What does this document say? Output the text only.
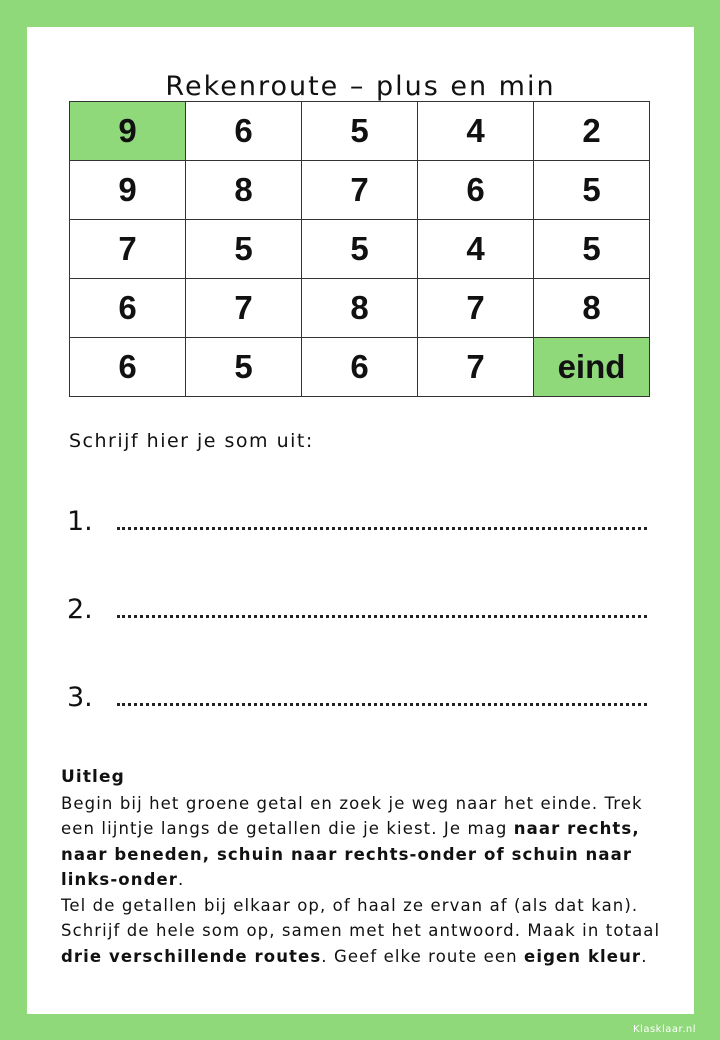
Rekenroute – plus en min
9	6	5	4	2
9	8	7	6	5
7	5	5	4	5
6	7	8	7	8
6	5	6	7	eind
Schrijf hier je som uit:
1.
2.
3.
Uitleg

Begin bij het groene getal en zoek je weg naar het einde. Trek een lijntje langs de getallen die je kiest. Je mag naar rechts, naar beneden, schuin naar rechts-onder of schuin naar links-onder.

Tel de getallen bij elkaar op, of haal ze ervan af (als dat kan). Schrijf de hele som op, samen met het antwoord. Maak in totaal drie verschillende routes. Geef elke route een eigen kleur.

Klasklaar.nl
